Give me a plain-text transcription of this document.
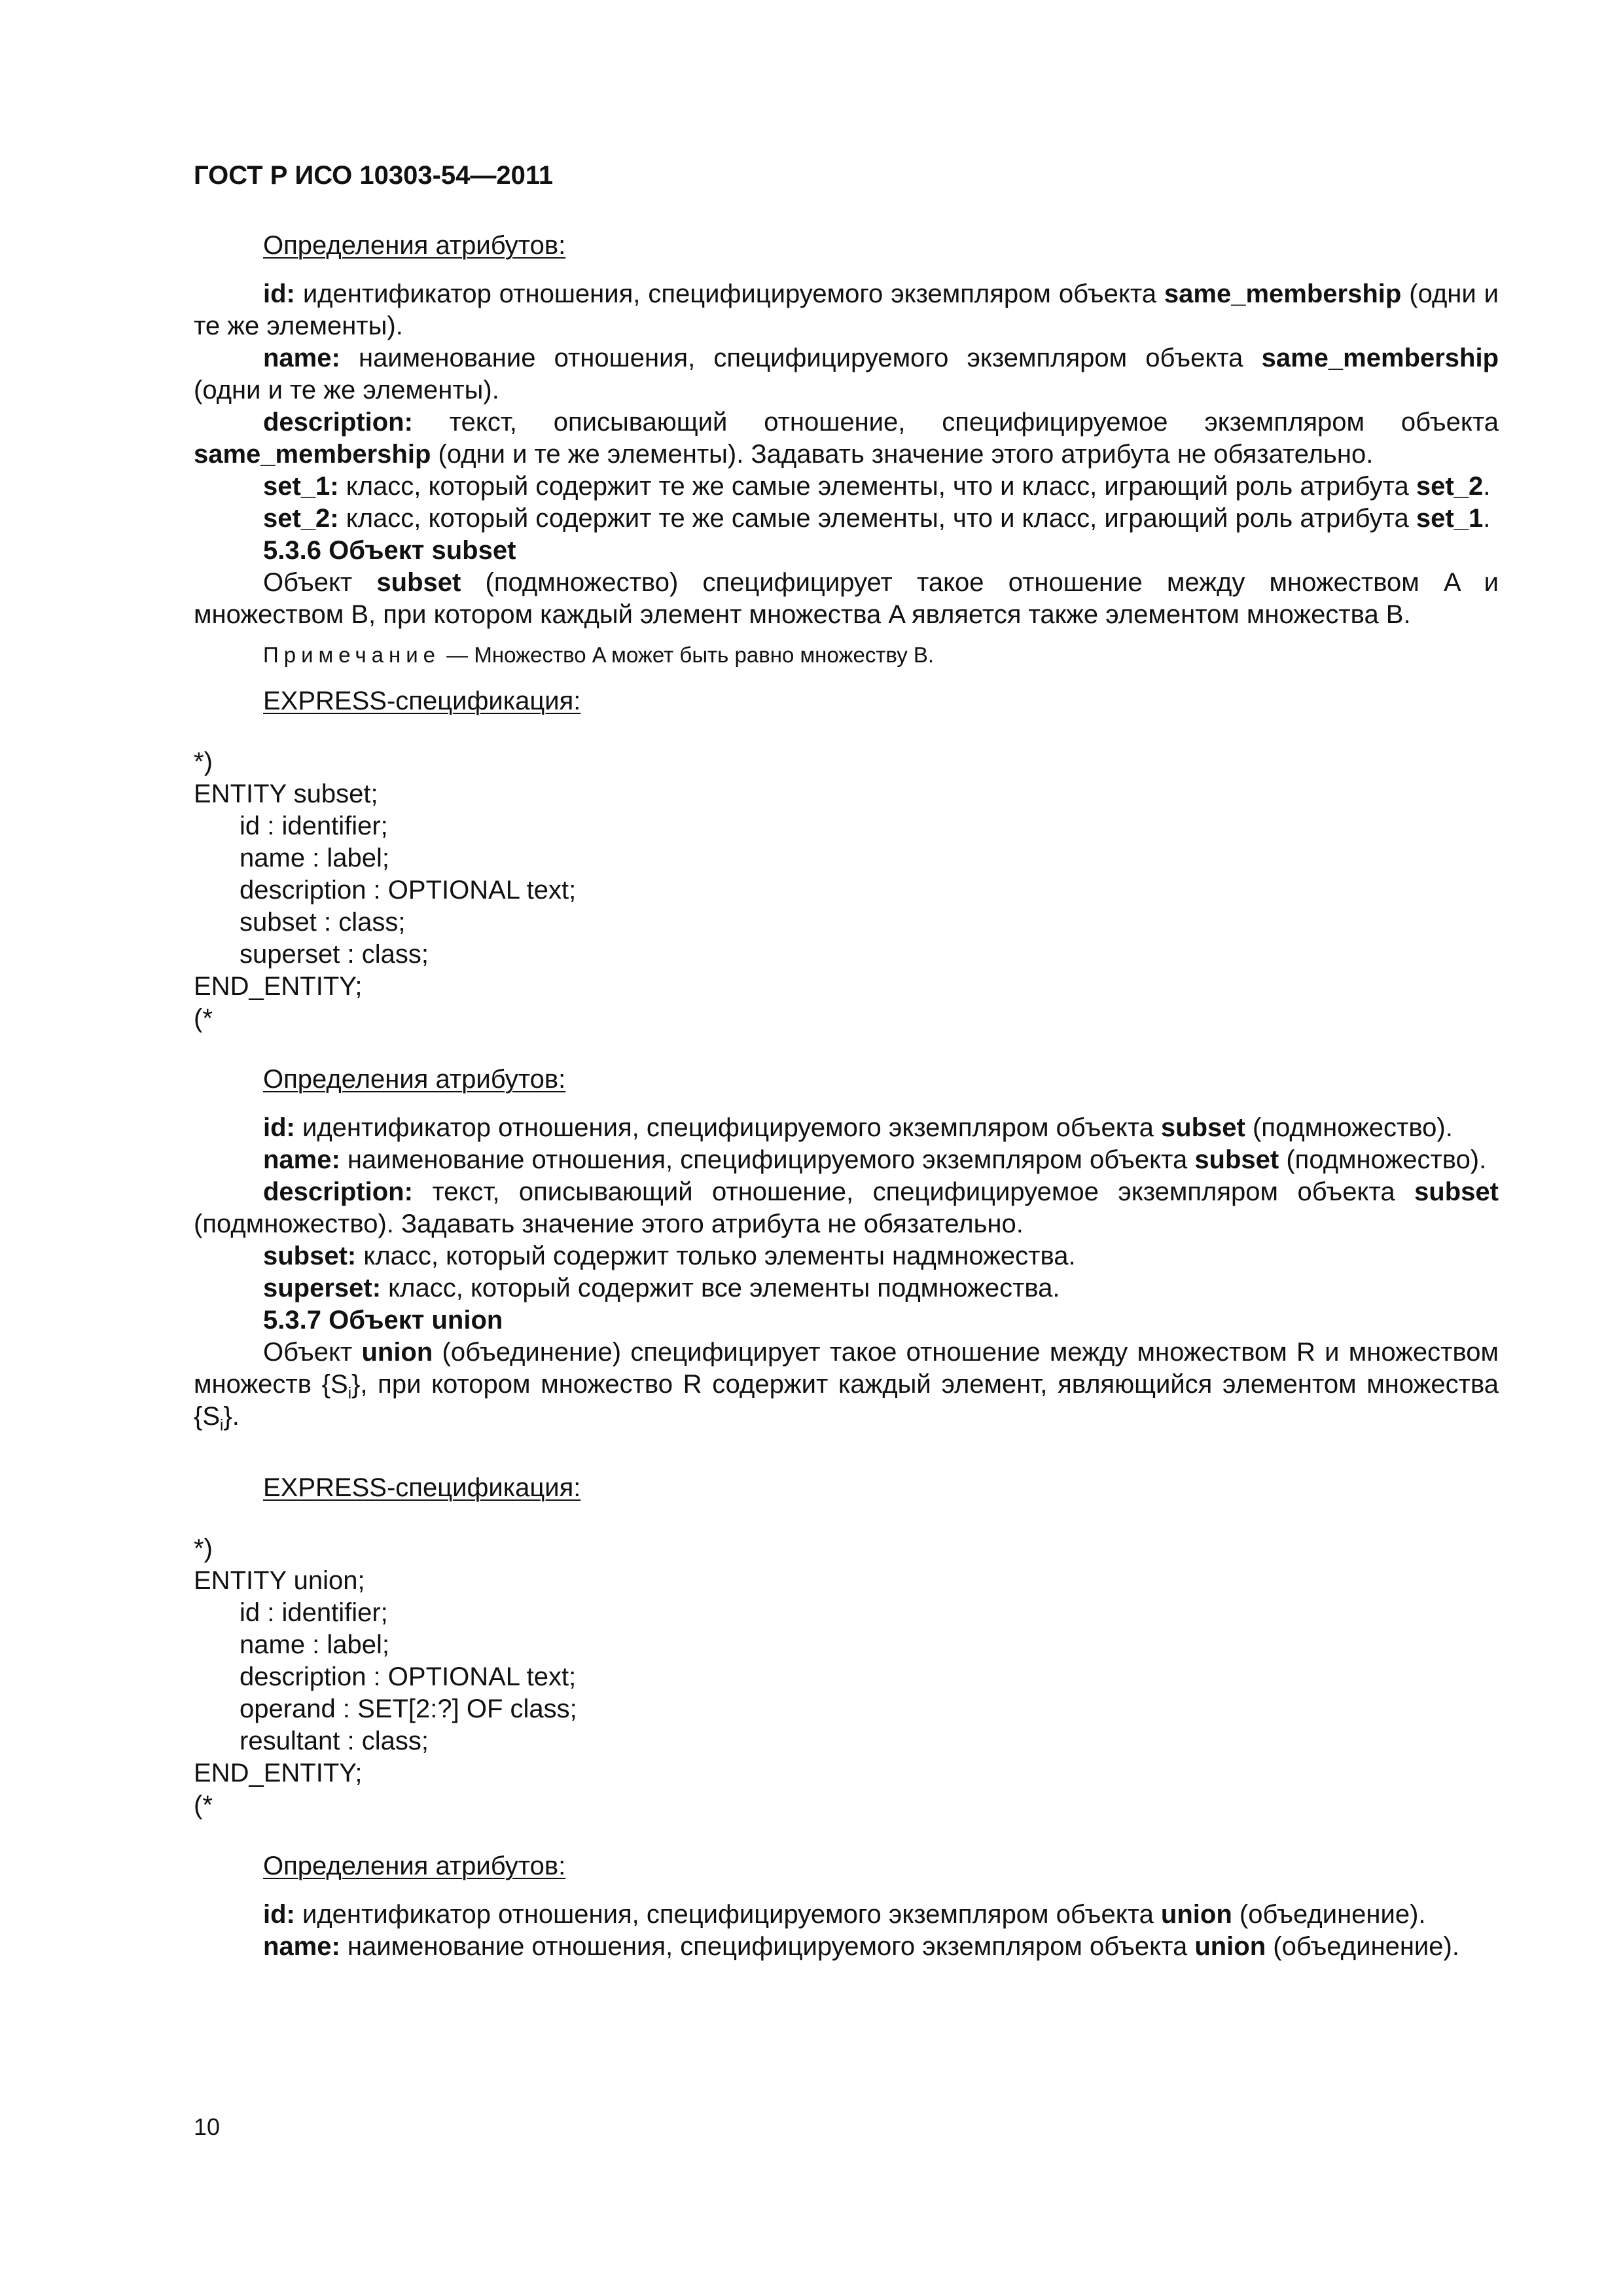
ГОСТ Р ИСО 10303-54—2011

Определения атрибутов:

id: идентификатор отношения, специфицируемого экземпляром объекта same_membership (одни и те же элементы).

name: наименование отношения, специфицируемого экземпляром объекта same_membership (одни и те же элементы).

description: текст, описывающий отношение, специфицируемое экземпляром объекта same_membership (одни и те же элементы). Задавать значение этого атрибута не обязательно.

set_1: класс, который содержит те же самые элементы, что и класс, играющий роль атрибута set_2.

set_2: класс, который содержит те же самые элементы, что и класс, играющий роль атрибута set_1.

5.3.6 Объект subset

Объект subset (подмножество) специфицирует такое отношение между множеством A и множеством B, при котором каждый элемент множества A является также элементом множества B.

Примечание — Множество A может быть равно множеству B.

EXPRESS-спецификация:

*)
ENTITY subset;
id : identifier;
name : label;
description : OPTIONAL text;
subset : class;
superset : class;
END_ENTITY;
(*

Определения атрибутов:

id: идентификатор отношения, специфицируемого экземпляром объекта subset (подмножество).

name: наименование отношения, специфицируемого экземпляром объекта subset (подмножество).

description: текст, описывающий отношение, специфицируемое экземпляром объекта subset (подмножество). Задавать значение этого атрибута не обязательно.

subset: класс, который содержит только элементы надмножества.

superset: класс, который содержит все элементы подмножества.

5.3.7 Объект union

Объект union (объединение) специфицирует такое отношение между множеством R и множеством множеств $\{S_i\}$, при котором множество R содержит каждый элемент, являющийся элементом множества $\{S_i\}$.

EXPRESS-спецификация:

*)
ENTITY union;
id : identifier;
name : label;
description : OPTIONAL text;
operand : SET[2:?] OF class;
resultant : class;
END_ENTITY;
(*

Определения атрибутов:

id: идентификатор отношения, специфицируемого экземпляром объекта union (объединение).

name: наименование отношения, специфицируемого экземпляром объекта union (объединение).

10
